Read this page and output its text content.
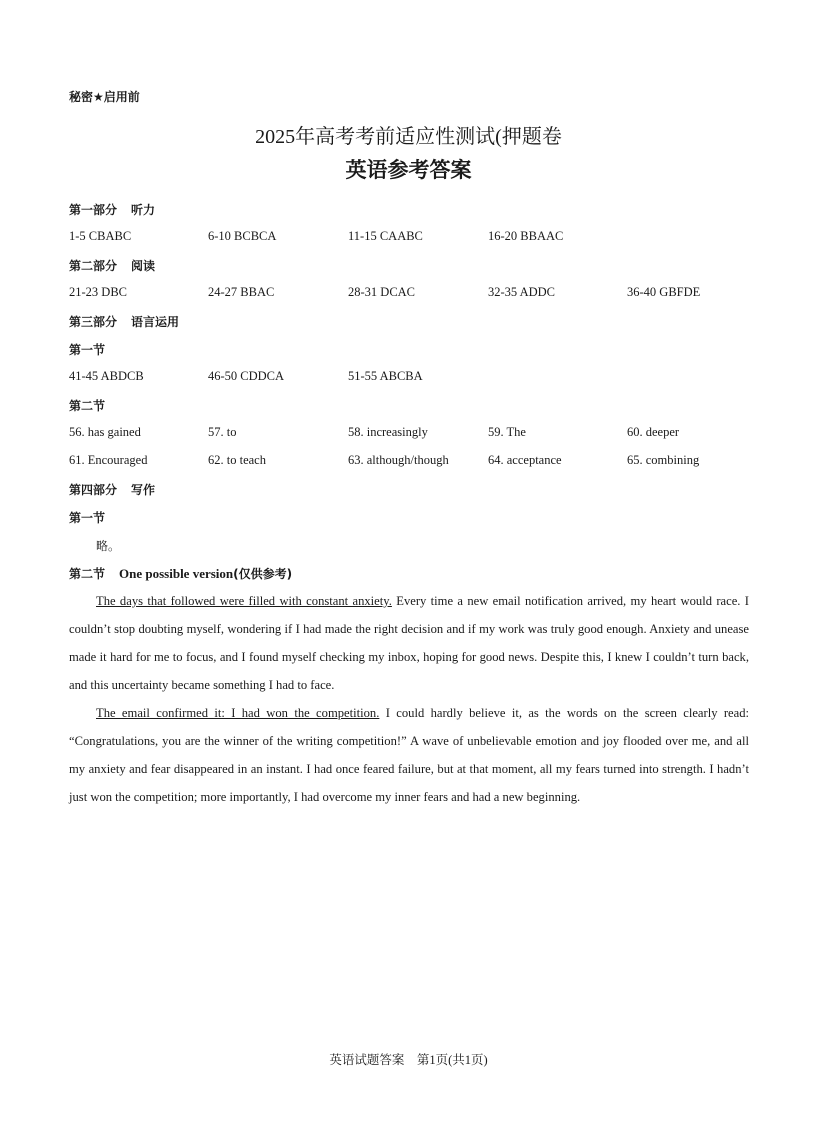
秘密★启用前
2025年高考考前适应性测试(押题卷
英语参考答案
第一部分 听力
1-5 CBABC	6-10 BCBCA	11-15 CAABC	16-20 BBAAC
第二部分 阅读
21-23 DBC	24-27 BBAC	28-31 DCAC	32-35 ADDC	36-40 GBFDE
第三部分 语言运用
第一节
41-45 ABDCB	46-50 CDDCA	51-55 ABCBA
第二节
56. has gained	57. to	58. increasingly	59. The	60. deeper
61. Encouraged	62. to teach	63. although/though	64. acceptance	65. combining
第四部分 写作
第一节
略。
第二节 One possible version(仅供参考)

The days that followed were filled with constant anxiety. Every time a new email notification arrived, my heart would race. I couldn’t stop doubting myself, wondering if I had made the right decision and if my work was truly good enough. Anxiety and unease made it hard for me to focus, and I found myself checking my inbox, hoping for good news. Despite this, I knew I couldn’t turn back, and this uncertainty became something I had to face.

The email confirmed it: I had won the competition. I could hardly believe it, as the words on the screen clearly read: “Congratulations, you are the winner of the writing competition!” A wave of unbelievable emotion and joy flooded over me, and all my anxiety and fear disappeared in an instant. I had once feared failure, but at that moment, all my fears turned into strength. I hadn’t just won the competition; more importantly, I had overcome my inner fears and had a new beginning.

英语试题答案　第1页(共1页)
